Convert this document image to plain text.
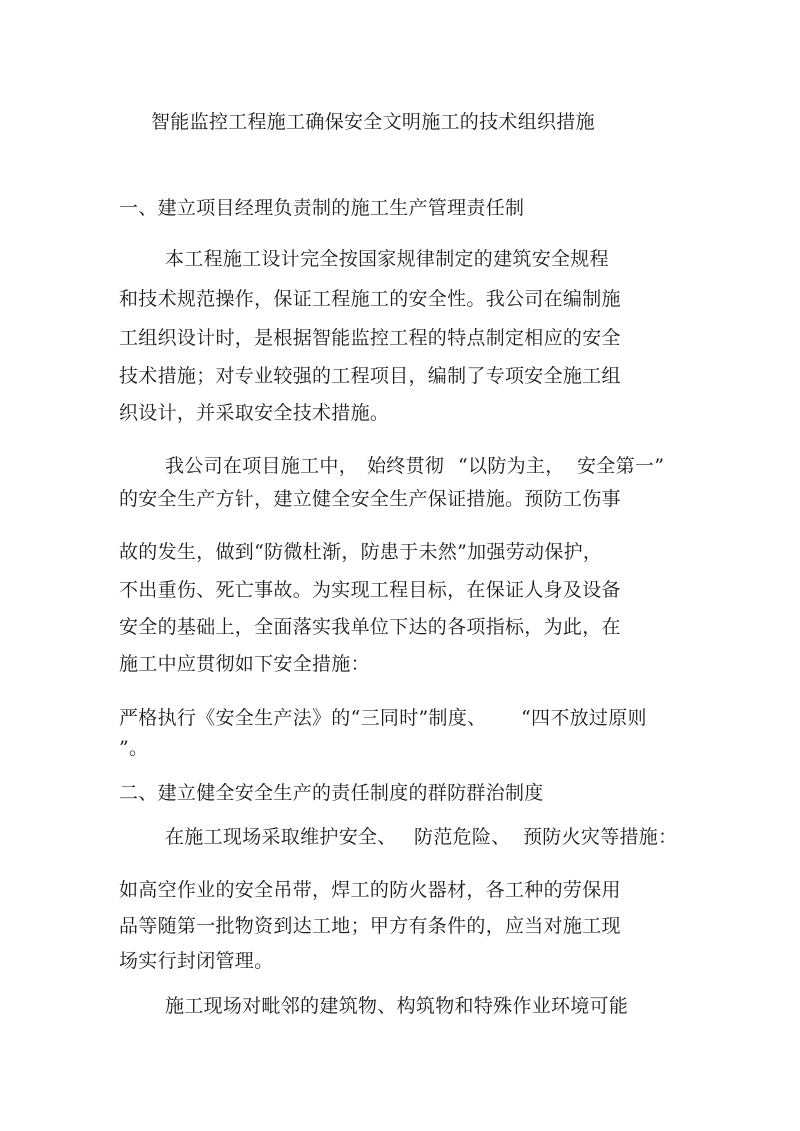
智能监控工程施工确保安全文明施工的技术组织措施
一、建立项目经理负责制的施工生产管理责任制
本工程施工设计完全按国家规律制定的建筑安全规程
和技术规范操作，保证工程施工的安全性。我公司在编制施
工组织设计时，是根据智能监控工程的特点制定相应的安全
技术措施；对专业较强的工程项目，编制了专项安全施工组
织设计，并采取安全技术措施。
我公司在项目施工中， 始终贯彻 “以防为主， 安全第一”
的安全生产方针，建立健全安全生产保证措施。预防工伤事
故的发生，做到“防微杜渐，防患于未然”加强劳动保护，
不出重伤、死亡事故。为实现工程目标，在保证人身及设备
安全的基础上，全面落实我单位下达的各项指标，为此，在
施工中应贯彻如下安全措施：
严格执行《安全生产法》的“三同时”制度、 “四不放过原则
”。
二、建立健全安全生产的责任制度的群防群治制度
在施工现场采取维护安全、 防范危险、 预防火灾等措施：
如高空作业的安全吊带，焊工的防火器材，各工种的劳保用
品等随第一批物资到达工地；甲方有条件的，应当对施工现
场实行封闭管理。
施工现场对毗邻的建筑物、构筑物和特殊作业环境可能
